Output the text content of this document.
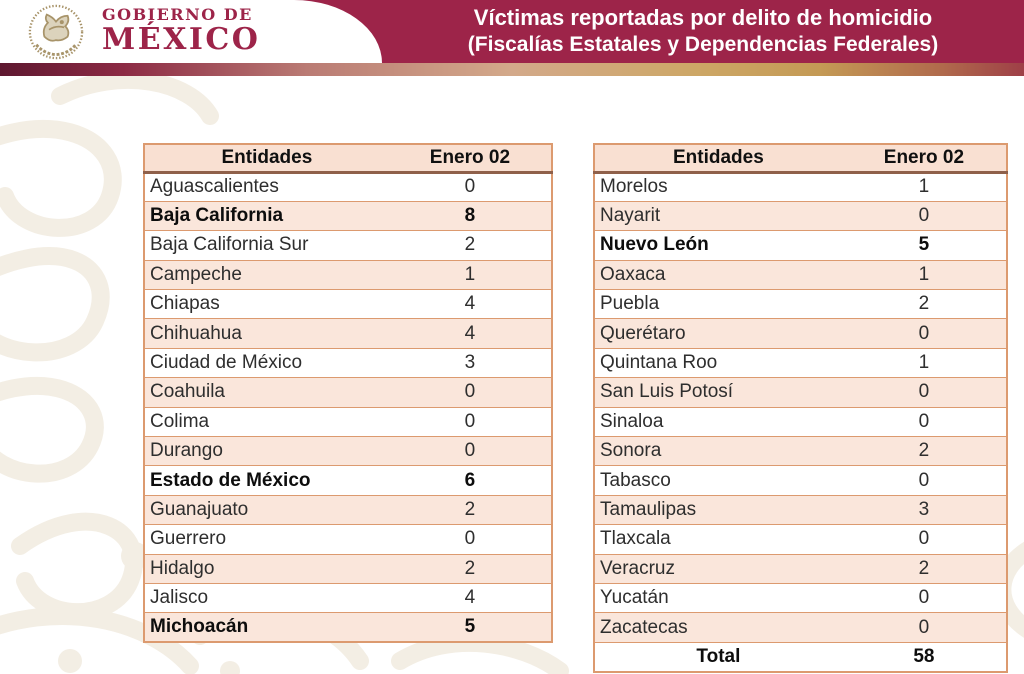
GOBIERNO DE
MÉXICO
Víctimas reportadas por delito de homicidio
(Fiscalías Estatales y Dependencias Federales)
Entidades	Enero 02
Aguascalientes	0
Baja California	8
Baja California Sur	2
Campeche	1
Chiapas	4
Chihuahua	4
Ciudad de México	3
Coahuila	0
Colima	0
Durango	0
Estado de México	6
Guanajuato	2
Guerrero	0
Hidalgo	2
Jalisco	4
Michoacán	5
Entidades	Enero 02
Morelos	1
Nayarit	0
Nuevo León	5
Oaxaca	1
Puebla	2
Querétaro	0
Quintana Roo	1
San Luis Potosí	0
Sinaloa	0
Sonora	2
Tabasco	0
Tamaulipas	3
Tlaxcala	0
Veracruz	2
Yucatán	0
Zacatecas	0
Total	58
